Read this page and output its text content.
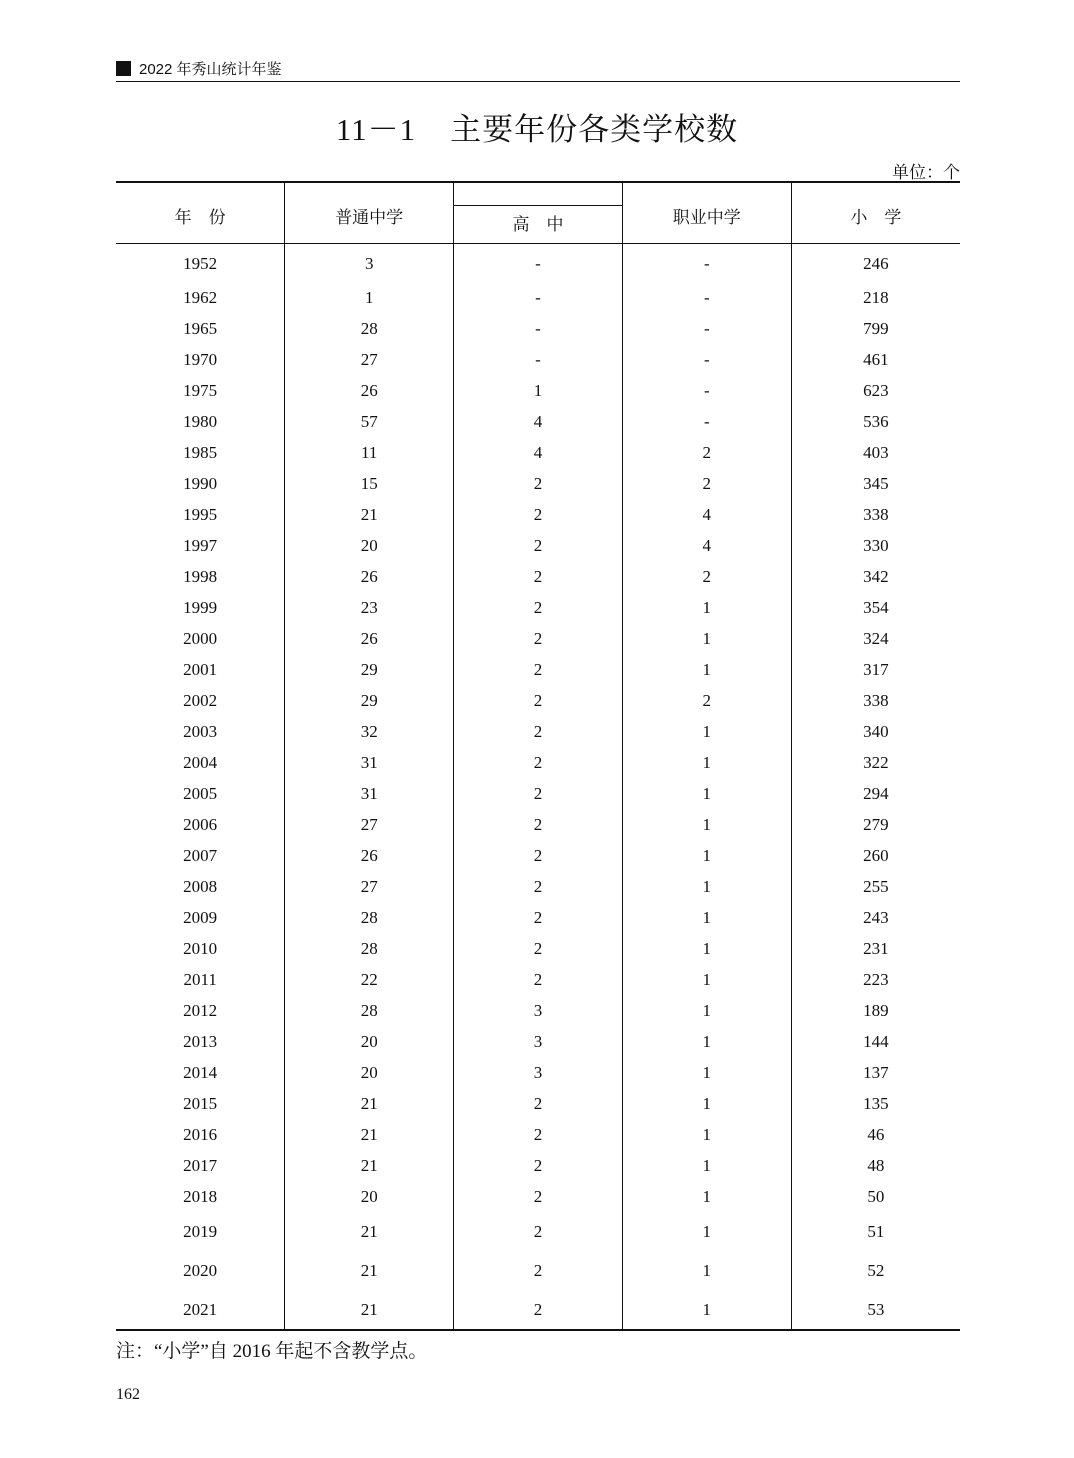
2022 年秀山统计年鉴
11－1 主要年份各类学校数
单位：个
年　份	普通中学		职业中学	小　学
		高　中		
1952	3	-	-	246
1962	1	-	-	218
1965	28	-	-	799
1970	27	-	-	461
1975	26	1	-	623
1980	57	4	-	536
1985	11	4	2	403
1990	15	2	2	345
1995	21	2	4	338
1997	20	2	4	330
1998	26	2	2	342
1999	23	2	1	354
2000	26	2	1	324
2001	29	2	1	317
2002	29	2	2	338
2003	32	2	1	340
2004	31	2	1	322
2005	31	2	1	294
2006	27	2	1	279
2007	26	2	1	260
2008	27	2	1	255
2009	28	2	1	243
2010	28	2	1	231
2011	22	2	1	223
2012	28	3	1	189
2013	20	3	1	144
2014	20	3	1	137
2015	21	2	1	135
2016	21	2	1	46
2017	21	2	1	48
2018	20	2	1	50
2019	21	2	1	51
2020	21	2	1	52
2021	21	2	1	53
注：“小学”自 2016 年起不含教学点。
162
